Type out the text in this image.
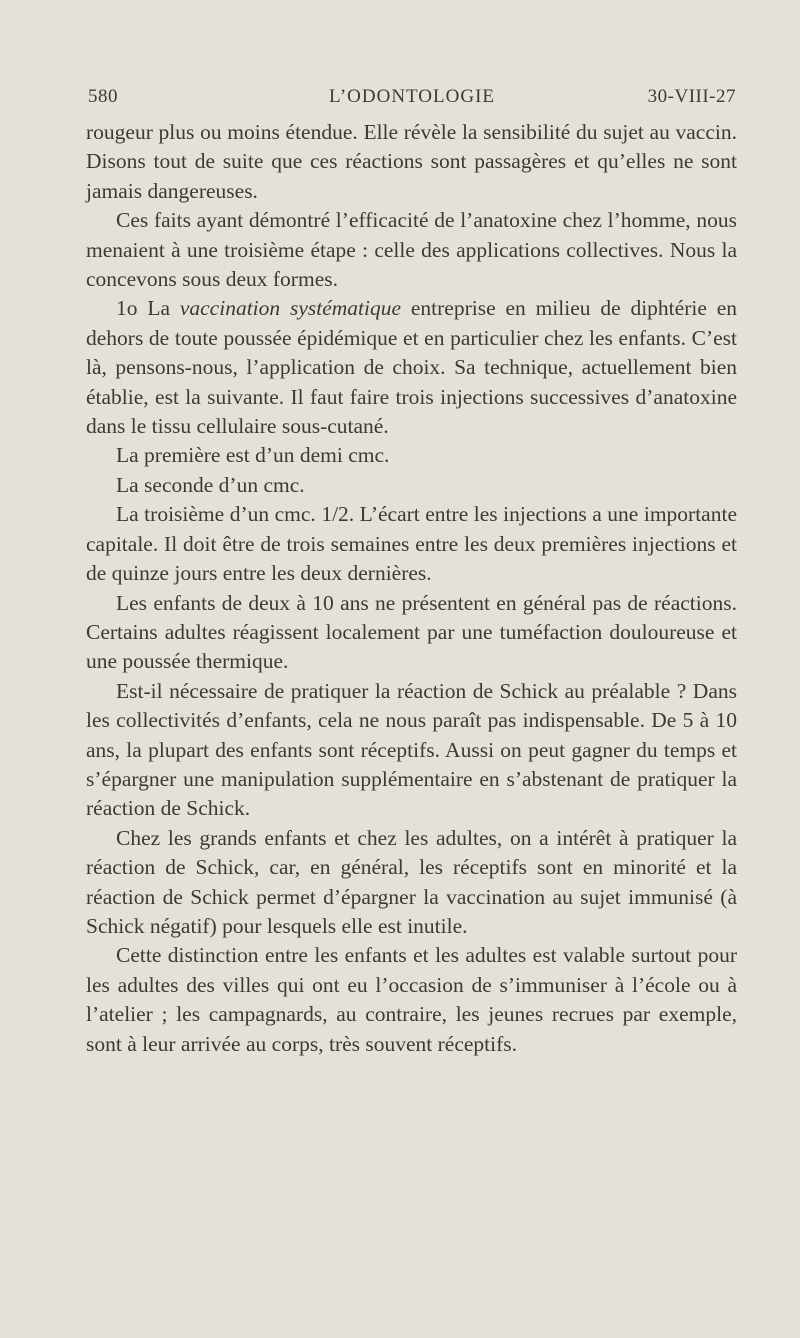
580	L’ODONTOLOGIE	30-VIII-27

rougeur plus ou moins étendue. Elle révèle la sensibilité du sujet au vaccin. Disons tout de suite que ces réactions sont passagères et qu’elles ne sont jamais dangereuses.

Ces faits ayant démontré l’efficacité de l’anatoxine chez l’homme, nous menaient à une troisième étape : celle des applications collectives. Nous la concevons sous deux formes.

1o La vaccination systématique entreprise en milieu de diphtérie en dehors de toute poussée épidémique et en particulier chez les enfants. C’est là, pensons-nous, l’application de choix. Sa technique, actuellement bien établie, est la suivante. Il faut faire trois injections successives d’anatoxine dans le tissu cellulaire sous-cutané.

La première est d’un demi cmc.

La seconde d’un cmc.

La troisième d’un cmc. 1/2. L’écart entre les injections a une importante capitale. Il doit être de trois semaines entre les deux premières injections et de quinze jours entre les deux dernières.

Les enfants de deux à 10 ans ne présentent en général pas de réactions. Certains adultes réagissent localement par une tuméfaction douloureuse et une poussée thermique.

Est-il nécessaire de pratiquer la réaction de Schick au préalable ? Dans les collectivités d’enfants, cela ne nous paraît pas indispensable. De 5 à 10 ans, la plupart des enfants sont réceptifs. Aussi on peut gagner du temps et s’épargner une manipulation supplémentaire en s’abstenant de pratiquer la réaction de Schick.

Chez les grands enfants et chez les adultes, on a intérêt à pratiquer la réaction de Schick, car, en général, les réceptifs sont en minorité et la réaction de Schick permet d’épargner la vaccination au sujet immunisé (à Schick négatif) pour lesquels elle est inutile.

Cette distinction entre les enfants et les adultes est valable surtout pour les adultes des villes qui ont eu l’occasion de s’immuniser à l’école ou à l’atelier ; les campagnards, au contraire, les jeunes recrues par exemple, sont à leur arrivée au corps, très souvent réceptifs.
